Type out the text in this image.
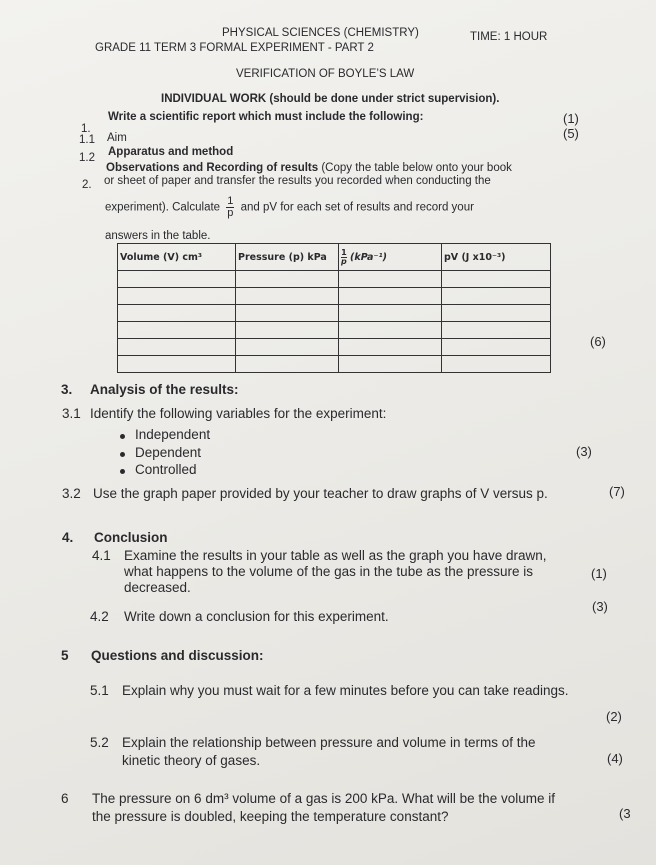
PHYSICAL SCIENCES (CHEMISTRY)
GRADE 11 TERM 3 FORMAL EXPERIMENT - PART 2
TIME: 1 HOUR
VERIFICATION OF BOYLE’S LAW
INDIVIDUAL WORK (should be done under strict supervision).
1.
Write a scientific report which must include the following:	(1)
1.1 Aim	(5)
1.2 Apparatus and method
2.
Observations and Recording of results (Copy the table below onto your book
or sheet of paper and transfer the results you recorded when conducting the
experiment). Calculate $\frac{1}{p}$ and pV for each set of results and record your
answers in the table.
Volume (V) cm³	Pressure (p) kPa	$\frac{1}{p} (kPa^{-1})$	pV (J x10⁻³)

(6)
3. Analysis of the results:
3.1 Identify the following variables for the experiment:
Independent
Dependent
Controlled
(3)
3.2 Use the graph paper provided by your teacher to draw graphs of V versus p.	(7)
4. Conclusion
4.1 Examine the results in your table as well as the graph you have drawn,
what happens to the volume of the gas in the tube as the pressure is
decreased.
(1)
4.2 Write down a conclusion for this experiment.
(3)
5 Questions and discussion:
5.1 Explain why you must wait for a few minutes before you can take readings.
(2)
5.2 Explain the relationship between pressure and volume in terms of the
kinetic theory of gases.	(4)
6 The pressure on 6 dm³ volume of a gas is 200 kPa. What will be the volume if
the pressure is doubled, keeping the temperature constant?	(3
